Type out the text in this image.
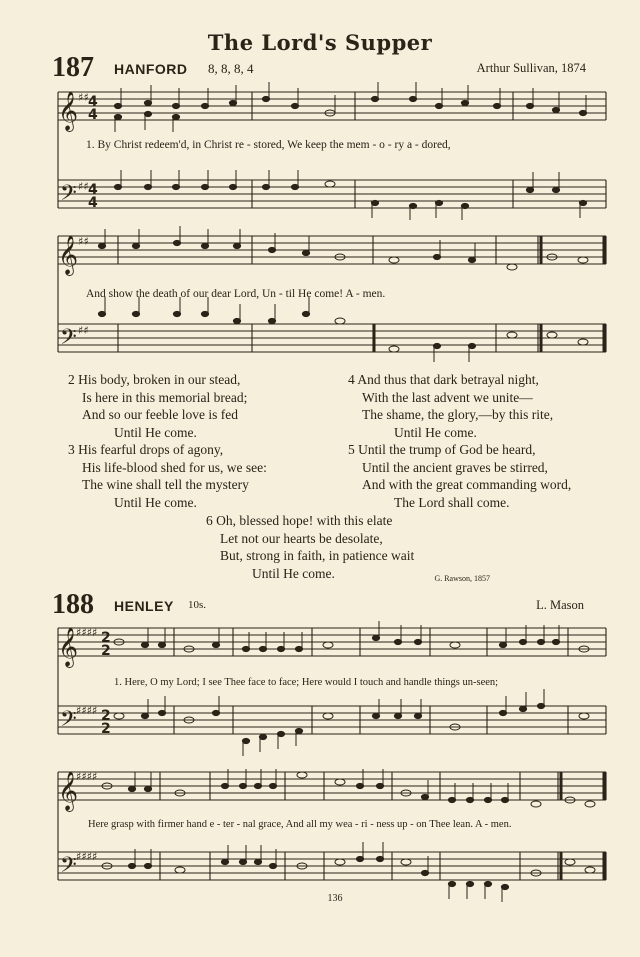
𝄞
𝄢
𝄞
𝄢
𝄞
𝄢
𝄞
𝄢
♯♯ 4
4
♯♯ 4
4
♯♯
♯♯
♯♯♯♯ 2
2
♯♯♯♯ 2
2
♯♯♯♯
♯♯♯♯
The Lord's Supper
187 HANFORD 8, 8, 8, 4	Arthur Sullivan, 1874
1. By Christ redeem'd, in Christ re - stored, We keep the mem - o - ry a - dored,
And show the death of our dear Lord, Un - til He come! A - men.
2 His body, broken in our stead,
Is here in this memorial bread;
And so our feeble love is fed
Until He come.
3 His fearful drops of agony,
His life-blood shed for us, we see:
The wine shall tell the mystery
Until He come.
4 And thus that dark betrayal night,
With the last advent we unite—
The shame, the glory,—by this rite,
Until He come.
5 Until the trump of God be heard,
Until the ancient graves be stirred,
And with the great commanding word,
The Lord shall come.
6 Oh, blessed hope! with this elate
Let not our hearts be desolate,
But, strong in faith, in patience wait
Until He come.	G. Rawson, 1857
188 HENLEY 10s.	L. Mason
1. Here, O my Lord; I see Thee face to face; Here would I touch and handle things un-seen;
Here grasp with firmer hand e - ter - nal grace, And all my wea - ri - ness up - on Thee lean. A - men.
136
